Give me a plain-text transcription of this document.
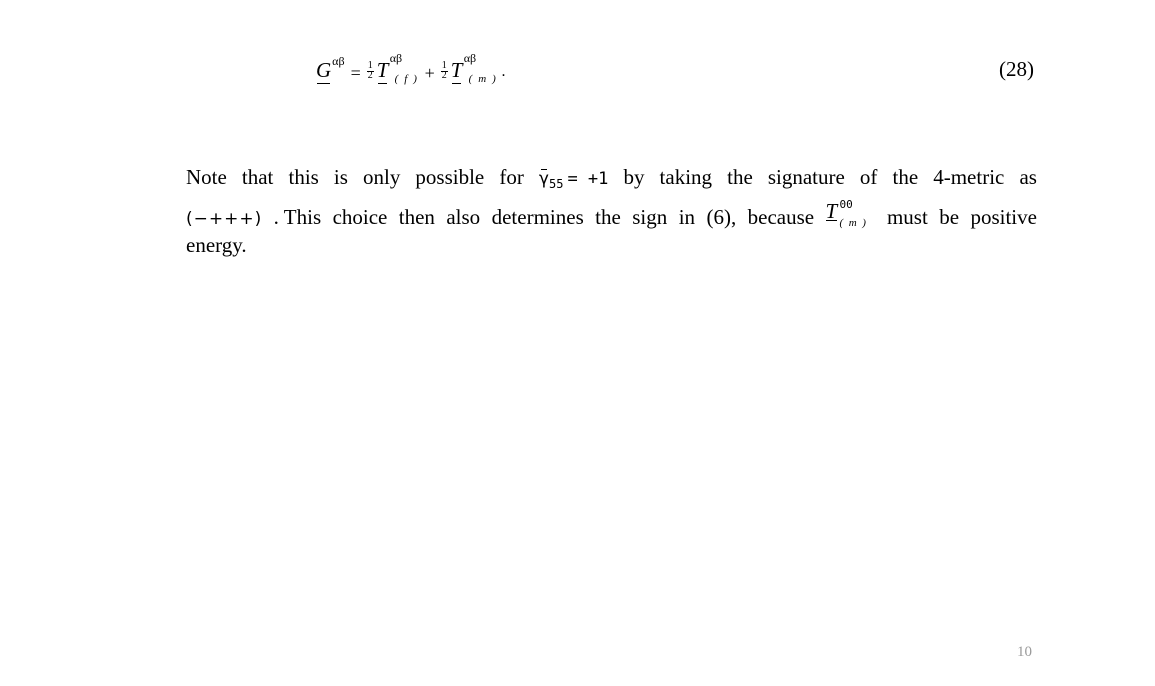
G αβ
= $\frac{1}{2}$ T αβ
( f ) + $\frac{1}{2}$ T αβ
( m ) .	(28)
Note that this is only possible for γ 55 = +1 by taking the signature of the 4-metric as
(−+++) . This choice then also determines the sign in (6), because T 00
( m ) must be positive
energy.
10
